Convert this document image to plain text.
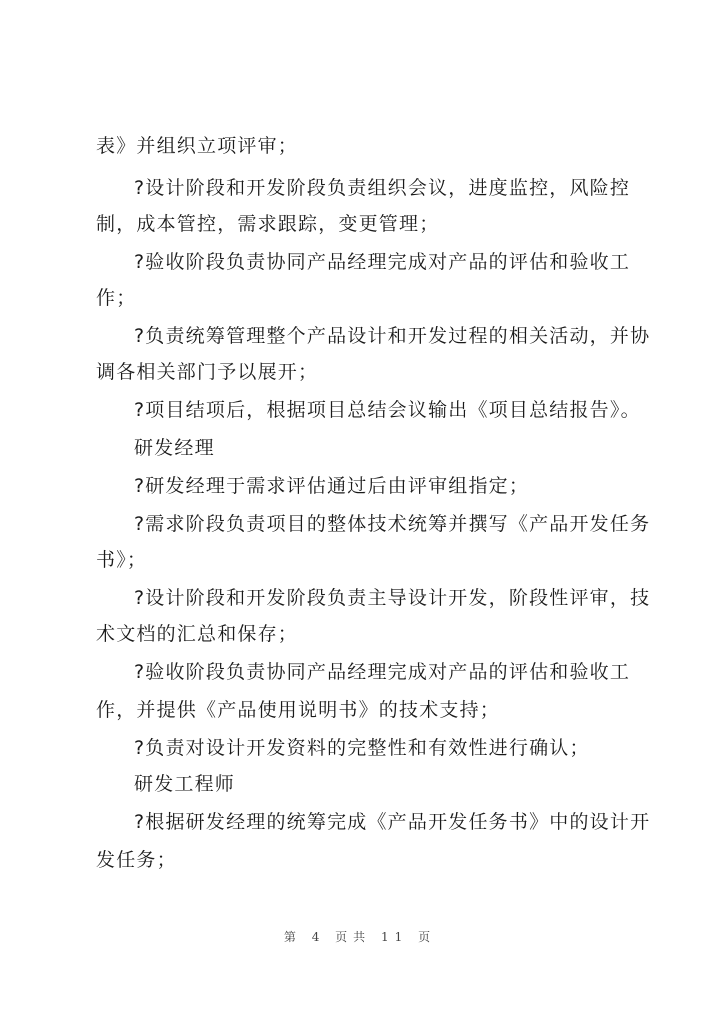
表》并组织立项评审；
?设计阶段和开发阶段负责组织会议，进度监控，风险控
制，成本管控，需求跟踪，变更管理；
?验收阶段负责协同产品经理完成对产品的评估和验收工
作；
?负责统筹管理整个产品设计和开发过程的相关活动，并协
调各相关部门予以展开；
?项目结项后，根据项目总结会议输出《项目总结报告》。
研发经理
?研发经理于需求评估通过后由评审组指定；
?需求阶段负责项目的整体技术统筹并撰写《产品开发任务
书》；
?设计阶段和开发阶段负责主导设计开发，阶段性评审，技
术文档的汇总和保存；
?验收阶段负责协同产品经理完成对产品的评估和验收工
作，并提供《产品使用说明书》的技术支持；
?负责对设计开发资料的完整性和有效性进行确认；
研发工程师
?根据研发经理的统筹完成《产品开发任务书》中的设计开
发任务；
第 4 页共 11 页
